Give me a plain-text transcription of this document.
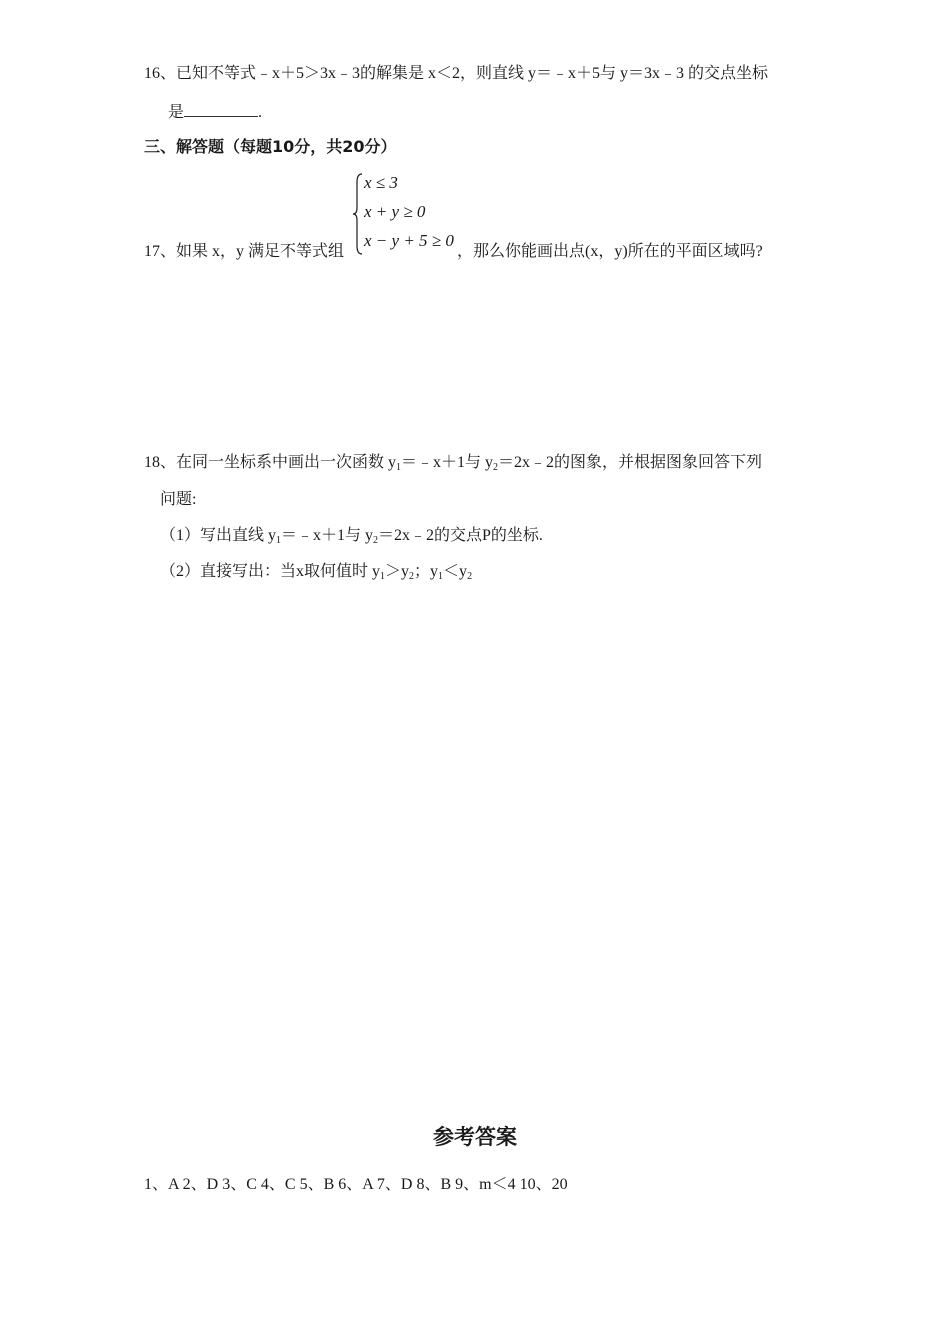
16、已知不等式﹣x＋5＞3x﹣3的解集是 x＜2，则直线 y＝﹣x＋5与 y＝3x﹣3 的交点坐标
是	.
三、解答题（每题10分，共20分）
x ≤ 3
x + y ≥ 0
x − y + 5 ≥ 0
17、如果 x，y 满足不等式组	，那么你能画出点(x，y)所在的平面区域吗?
18、在同一坐标系中画出一次函数 $y_1=﹣x+1$与 $y_2=2x﹣2$的图象，并根据图象回答下列
问题:
（1）写出直线 $y_1=﹣x+1$与 $y_2=2x﹣2$的交点P的坐标.
（2）直接写出：当x取何值时 $y_1>y_2$；$y_1<y_2$
参考答案
1、A 2、D 3、C 4、C 5、B 6、A 7、D 8、B 9、m＜4 10、20
